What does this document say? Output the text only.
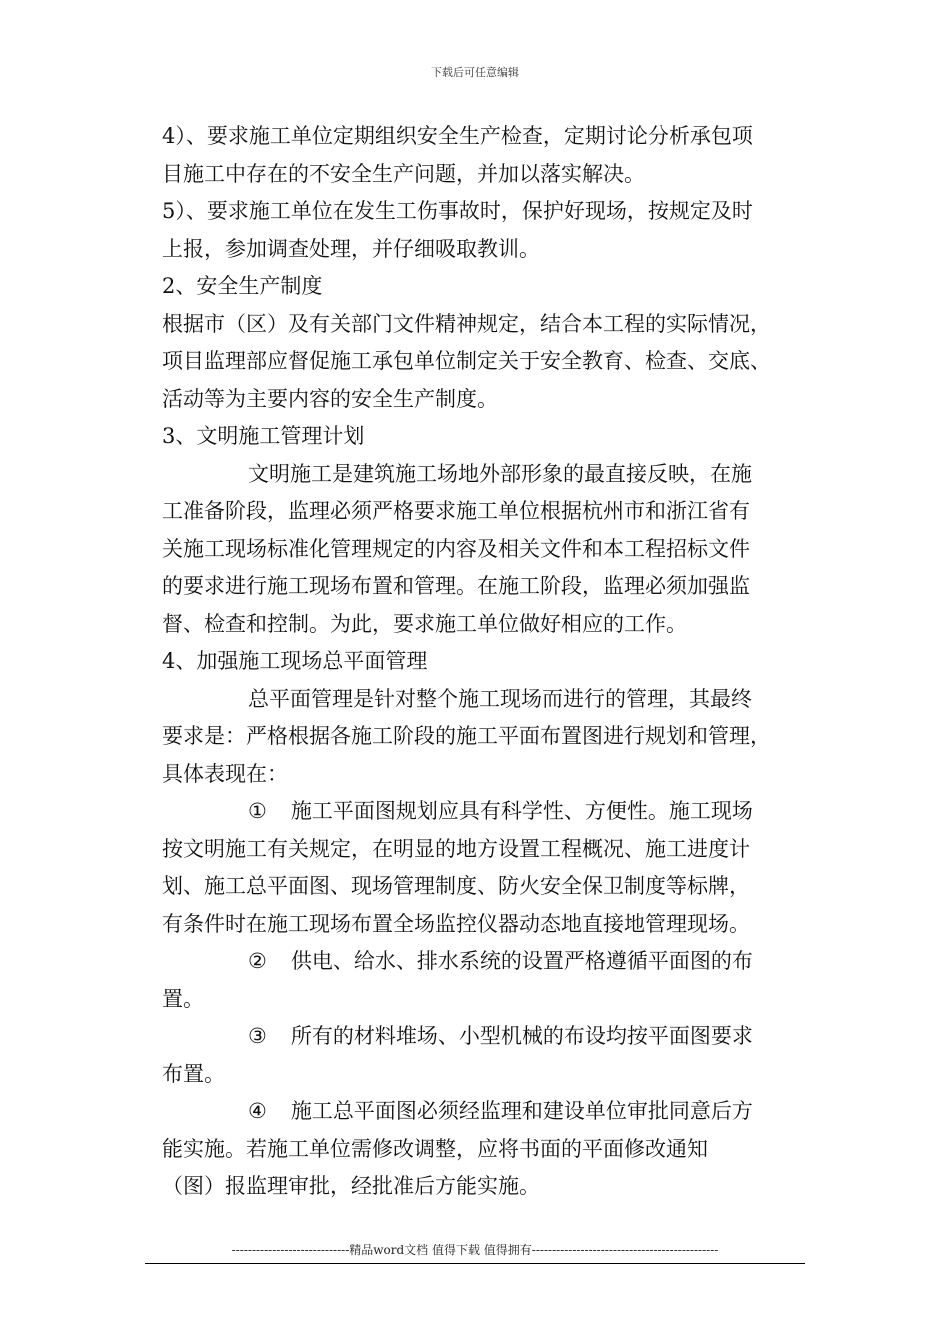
下载后可任意编辑

4）、要求施工单位定期组织安全生产检查，定期讨论分析承包项

目施工中存在的不安全生产问题，并加以落实解决。

5）、要求施工单位在发生工伤事故时，保护好现场，按规定及时

上报，参加调查处理，并仔细吸取教训。

2、安全生产制度

根据市（区）及有关部门文件精神规定，结合本工程的实际情况，

项目监理部应督促施工承包单位制定关于安全教育、检查、交底、

活动等为主要内容的安全生产制度。

3、文明施工管理计划

文明施工是建筑施工场地外部形象的最直接反映，在施

工准备阶段，监理必须严格要求施工单位根据杭州市和浙江省有

关施工现场标准化管理规定的内容及相关文件和本工程招标文件

的要求进行施工现场布置和管理。在施工阶段，监理必须加强监

督、检查和控制。为此，要求施工单位做好相应的工作。

4、加强施工现场总平面管理

总平面管理是针对整个施工现场而进行的管理，其最终

要求是：严格根据各施工阶段的施工平面布置图进行规划和管理，

具体表现在：

① 施工平面图规划应具有科学性、方便性。施工现场

按文明施工有关规定，在明显的地方设置工程概况、施工进度计

划、施工总平面图、现场管理制度、防火安全保卫制度等标牌，

有条件时在施工现场布置全场监控仪器动态地直接地管理现场。

② 供电、给水、排水系统的设置严格遵循平面图的布

置。

③ 所有的材料堆场、小型机械的布设均按平面图要求

布置。

④ 施工总平面图必须经监理和建设单位审批同意后方

能实施。若施工单位需修改调整，应将书面的平面修改通知

（图）报监理审批，经批准后方能实施。

-----------------------------精品word文档 值得下载 值得拥有----------------------------------------------
